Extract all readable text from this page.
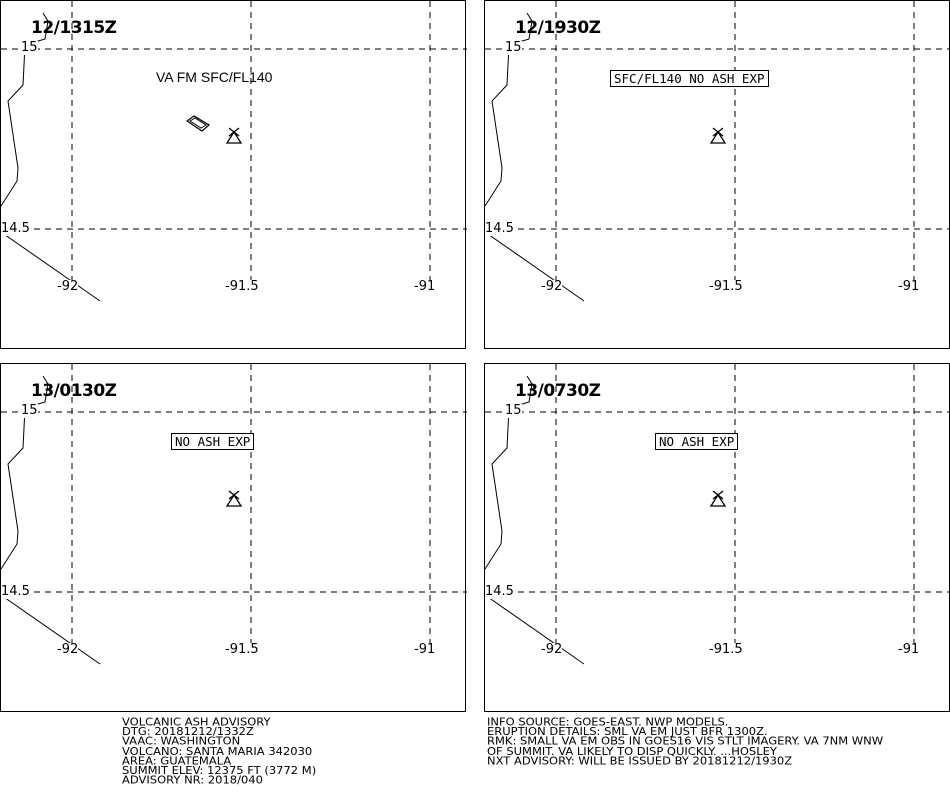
12/1315Z
15
14.5
-92	-91.5	-91
VA FM SFC/FL140
12/1930Z
15
14.5
-92	-91.5	-91
SFC/FL140 NO ASH EXP
13/0130Z
15
14.5
-92	-91.5	-91
NO ASH EXP
13/0730Z
15
14.5
-92	-91.5	-91
NO ASH EXP
VOLCANIC ASH ADVISORY
DTG: 20181212/1332Z
VAAC: WASHINGTON
VOLCANO: SANTA MARIA 342030
AREA: GUATEMALA
SUMMIT ELEV: 12375 FT (3772 M)
ADVISORY NR: 2018/040
INFO SOURCE: GOES-EAST. NWP MODELS.
ERUPTION DETAILS: SML VA EM JUST BFR 1300Z.
RMK: SMALL VA EM OBS IN GOES16 VIS STLT IMAGERY. VA 7NM WNW
OF SUMMIT. VA LIKELY TO DISP QUICKLY. ...HOSLEY
NXT ADVISORY: WILL BE ISSUED BY 20181212/1930Z
